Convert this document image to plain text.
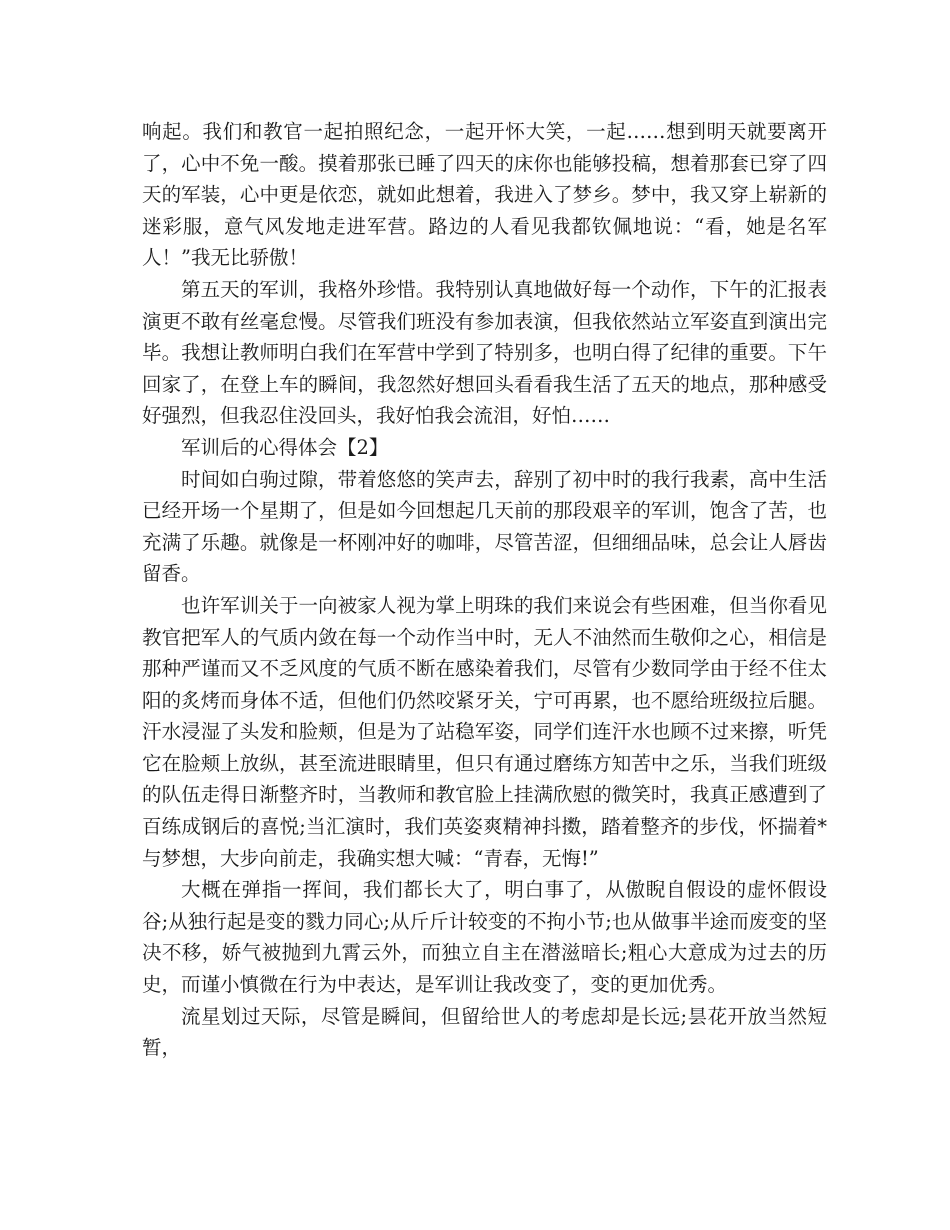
响起。我们和教官一起拍照纪念，一起开怀大笑，一起……想到明天就要离开了，心中不免一酸。摸着那张已睡了四天的床你也能够投稿，想着那套已穿了四天的军装，心中更是依恋，就如此想着，我进入了梦乡。梦中，我又穿上崭新的迷彩服，意气风发地走进军营。路边的人看见我都钦佩地说：“看，她是名军人！”我无比骄傲！

第五天的军训，我格外珍惜。我特别认真地做好每一个动作，下午的汇报表演更不敢有丝毫怠慢。尽管我们班没有参加表演，但我依然站立军姿直到演出完毕。我想让教师明白我们在军营中学到了特别多，也明白得了纪律的重要。下午回家了，在登上车的瞬间，我忽然好想回头看看我生活了五天的地点，那种感受好强烈，但我忍住没回头，我好怕我会流泪，好怕……

军训后的心得体会【2】

时间如白驹过隙，带着悠悠的笑声去，辞别了初中时的我行我素，高中生活已经开场一个星期了，但是如今回想起几天前的那段艰辛的军训，饱含了苦，也充满了乐趣。就像是一杯刚冲好的咖啡，尽管苦涩，但细细品味，总会让人唇齿留香。

也许军训关于一向被家人视为掌上明珠的我们来说会有些困难，但当你看见教官把军人的气质内敛在每一个动作当中时，无人不油然而生敬仰之心，相信是那种严谨而又不乏风度的气质不断在感染着我们，尽管有少数同学由于经不住太阳的炙烤而身体不适，但他们仍然咬紧牙关，宁可再累，也不愿给班级拉后腿。汗水浸湿了头发和脸颊，但是为了站稳军姿，同学们连汗水也顾不过来擦，听凭它在脸颊上放纵，甚至流进眼睛里，但只有通过磨练方知苦中之乐，当我们班级的队伍走得日渐整齐时，当教师和教官脸上挂满欣慰的微笑时，我真正感遭到了百练成钢后的喜悦;当汇演时，我们英姿爽精神抖擞，踏着整齐的步伐，怀揣着*与梦想，大步向前走，我确实想大喊：“青春，无悔!”

大概在弹指一挥间，我们都长大了，明白事了，从傲睨自假设的虚怀假设谷;从独行起是变的戮力同心;从斤斤计较变的不拘小节;也从做事半途而废变的坚决不移，娇气被抛到九霄云外，而独立自主在潜滋暗长;粗心大意成为过去的历史，而谨小慎微在行为中表达，是军训让我改变了，变的更加优秀。

流星划过天际，尽管是瞬间，但留给世人的考虑却是长远;昙花开放当然短暂，
